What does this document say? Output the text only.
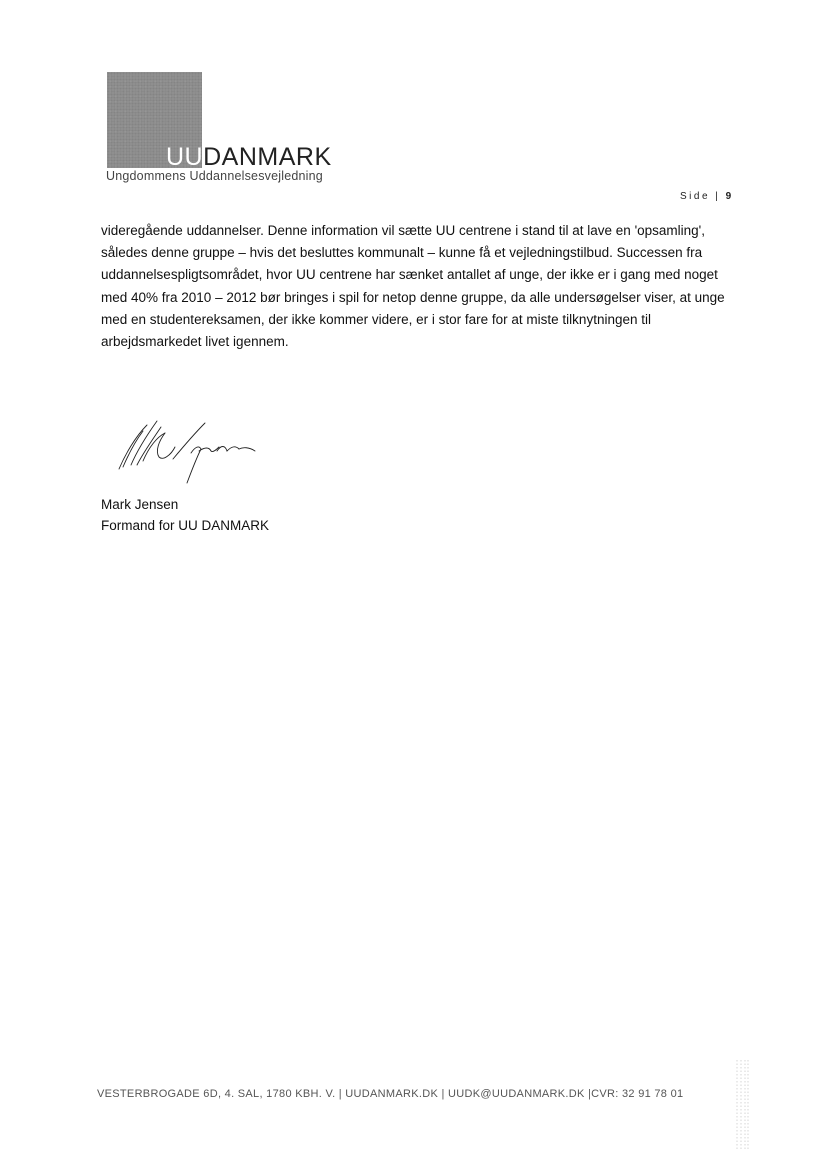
UUDANMARK
Ungdommens Uddannelsesvejledning
Side | 9

videregående uddannelser. Denne information vil sætte UU centrene i stand til at lave en 'opsamling', således denne gruppe – hvis det besluttes kommunalt – kunne få et vejledningstilbud. Successen fra uddannelsespligtsområdet, hvor UU centrene har sænket antallet af unge, der ikke er i gang med noget med 40% fra 2010 – 2012 bør bringes i spil for netop denne gruppe, da alle undersøgelser viser, at unge med en studentereksamen, der ikke kommer videre, er i stor fare for at miste tilknytningen til arbejdsmarkedet livet igennem.

Mark Jensen
Formand for UU DANMARK
VESTERBROGADE 6D, 4. SAL, 1780 KBH. V. | UUDANMARK.DK | UUDK@UUDANMARK.DK |CVR: 32 91 78 01
